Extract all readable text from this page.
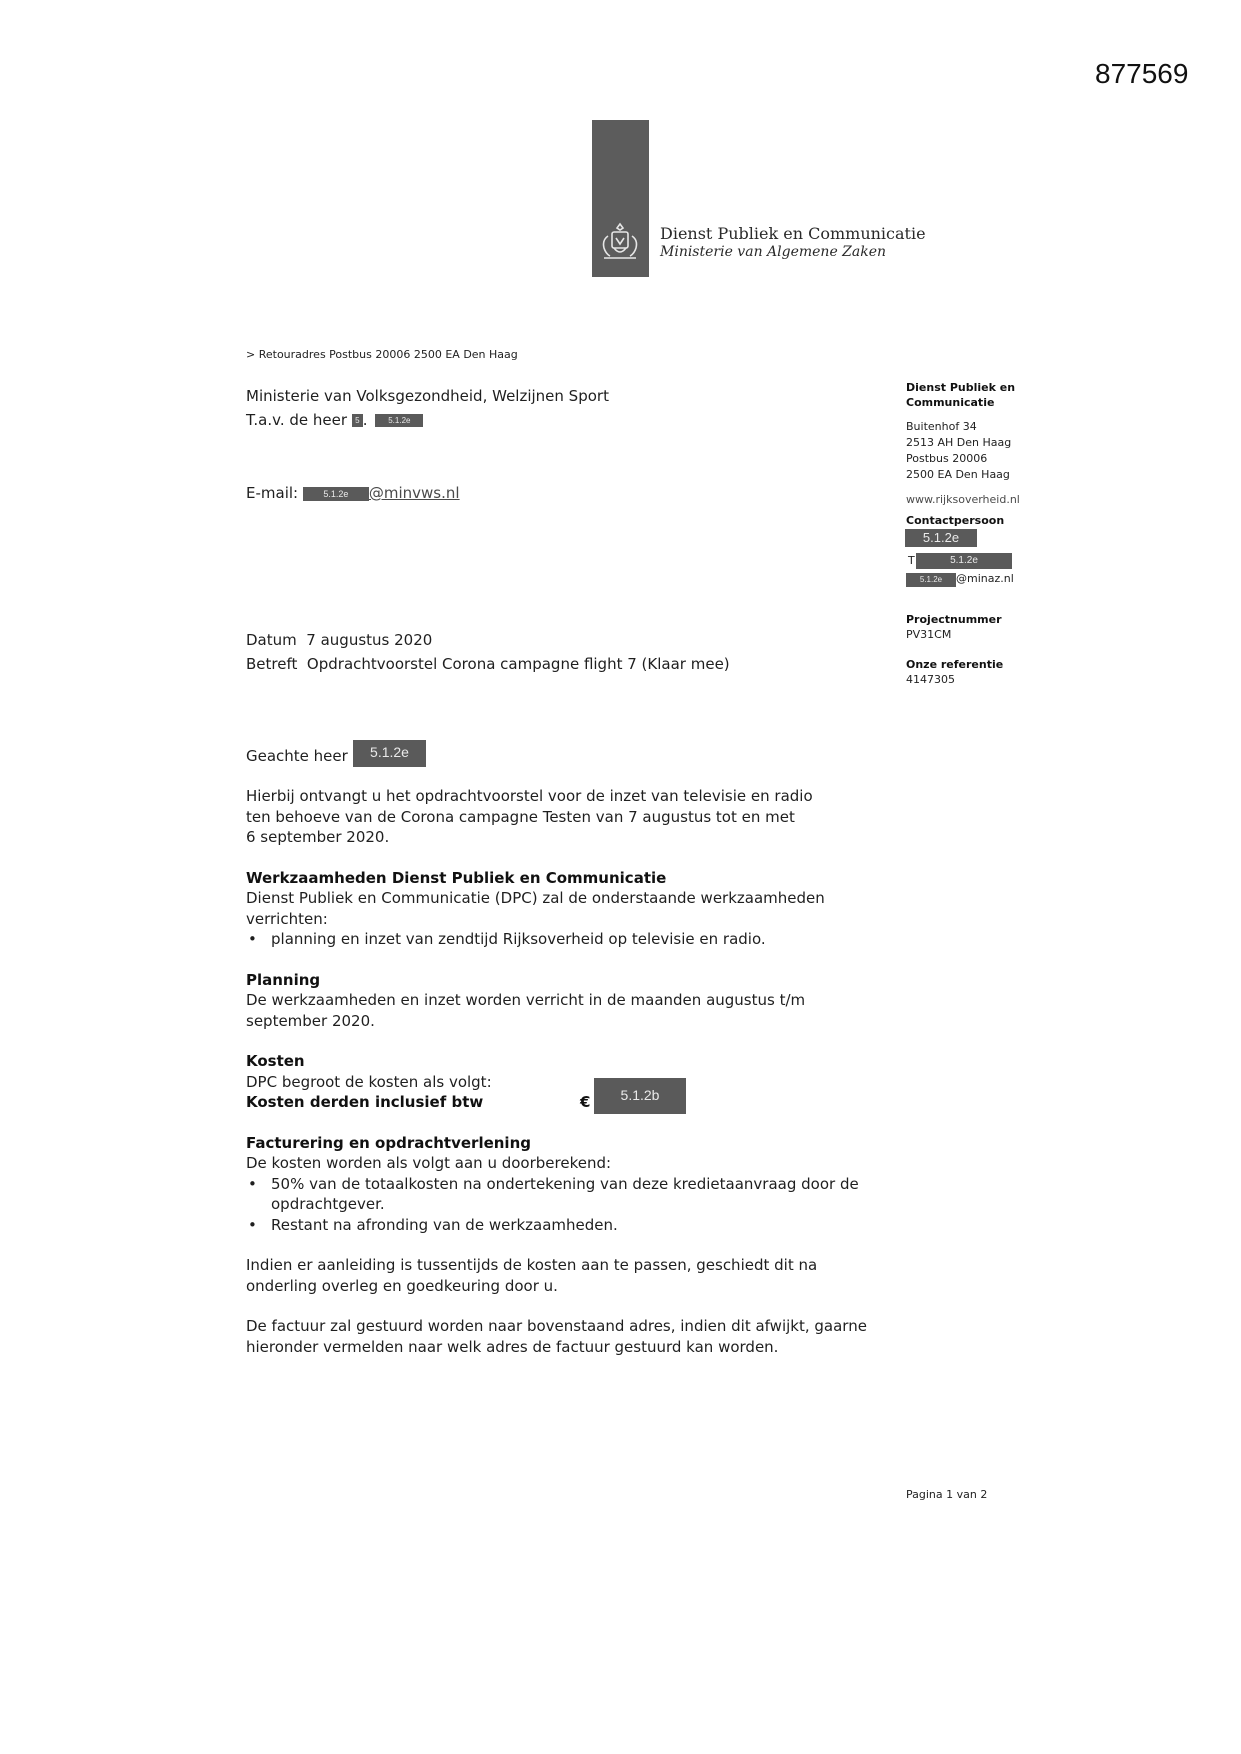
877569
Dienst Publiek en Communicatie
Ministerie van Algemene Zaken
> Retouradres Postbus 20006 2500 EA Den Haag
Ministerie van Volksgezondheid, Welzijnen Sport
T.a.v. de heer 5 . 5.1.2e
E-mail:	5.1.2e @minvws.nl
Dienst Publiek en
Communicatie
Buitenhof 34
2513 AH Den Haag
Postbus 20006
2500 EA Den Haag
www.rijksoverheid.nl
Contactpersoon
5.1.2e
T	5.1.2e
5.1.2e	@minaz.nl
Projectnummer
PV31CM
Onze referentie
4147305
Datum 7 augustus 2020
Betreft Opdrachtvoorstel Corona campagne flight 7 (Klaar mee)
Geachte heer	5.1.2e
Hierbij ontvangt u het opdrachtvoorstel voor de inzet van televisie en radio
ten behoeve van de Corona campagne Testen van 7 augustus tot en met
6 september 2020.
Werkzaamheden Dienst Publiek en Communicatie
Dienst Publiek en Communicatie (DPC) zal de onderstaande werkzaamheden
verrichten:
• planning en inzet van zendtijd Rijksoverheid op televisie en radio.
Planning
De werkzaamheden en inzet worden verricht in de maanden augustus t/m
september 2020.
Kosten
DPC begroot de kosten als volgt:
Kosten derden inclusief btw	€	5.1.2b
Facturering en opdrachtverlening
De kosten worden als volgt aan u doorberekend:
• 50% van de totaalkosten na ondertekening van deze kredietaanvraag door de
opdrachtgever.
• Restant na afronding van de werkzaamheden.
Indien er aanleiding is tussentijds de kosten aan te passen, geschiedt dit na
onderling overleg en goedkeuring door u.
De factuur zal gestuurd worden naar bovenstaand adres, indien dit afwijkt, gaarne
hieronder vermelden naar welk adres de factuur gestuurd kan worden.
Pagina 1 van 2
